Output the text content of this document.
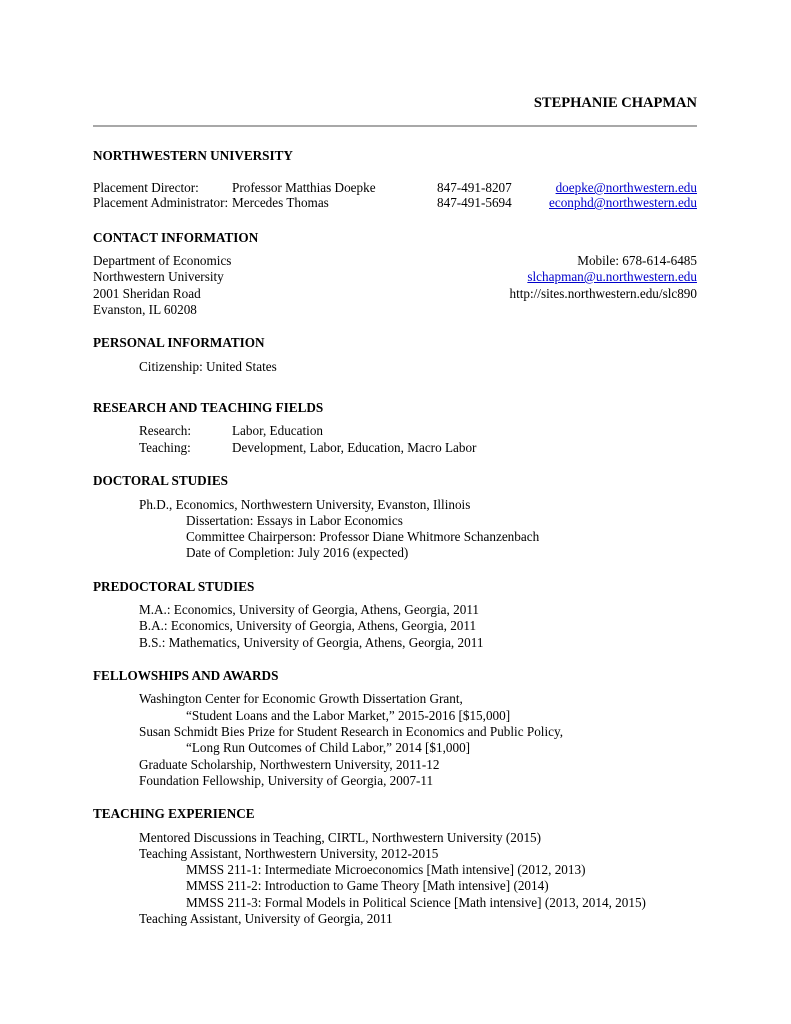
STEPHANIE CHAPMAN
NORTHWESTERN UNIVERSITY
Placement Director:	Professor Matthias Doepke	847-491-8207	doepke@northwestern.edu
Placement Administrator: Mercedes Thomas	847-491-5694	econphd@northwestern.edu
CONTACT INFORMATION
Department of Economics
Northwestern University
2001 Sheridan Road
Evanston, IL 60208
Mobile: 678-614-6485
slchapman@u.northwestern.edu
http://sites.northwestern.edu/slc890
PERSONAL INFORMATION
Citizenship: United States
RESEARCH AND TEACHING FIELDS
Research:	Labor, Education
Teaching:	Development, Labor, Education, Macro Labor
DOCTORAL STUDIES
Ph.D., Economics, Northwestern University, Evanston, Illinois
Dissertation: Essays in Labor Economics
Committee Chairperson: Professor Diane Whitmore Schanzenbach
Date of Completion: July 2016 (expected)
PREDOCTORAL STUDIES
M.A.: Economics, University of Georgia, Athens, Georgia, 2011
B.A.: Economics, University of Georgia, Athens, Georgia, 2011
B.S.: Mathematics, University of Georgia, Athens, Georgia, 2011
FELLOWSHIPS AND AWARDS
Washington Center for Economic Growth Dissertation Grant,
“Student Loans and the Labor Market,” 2015-2016 [$15,000]
Susan Schmidt Bies Prize for Student Research in Economics and Public Policy,
“Long Run Outcomes of Child Labor,” 2014 [$1,000]
Graduate Scholarship, Northwestern University, 2011-12
Foundation Fellowship, University of Georgia, 2007-11
TEACHING EXPERIENCE
Mentored Discussions in Teaching, CIRTL, Northwestern University (2015)
Teaching Assistant, Northwestern University, 2012-2015
MMSS 211-1: Intermediate Microeconomics [Math intensive] (2012, 2013)
MMSS 211-2: Introduction to Game Theory [Math intensive] (2014)
MMSS 211-3: Formal Models in Political Science [Math intensive] (2013, 2014, 2015)
Teaching Assistant, University of Georgia, 2011
